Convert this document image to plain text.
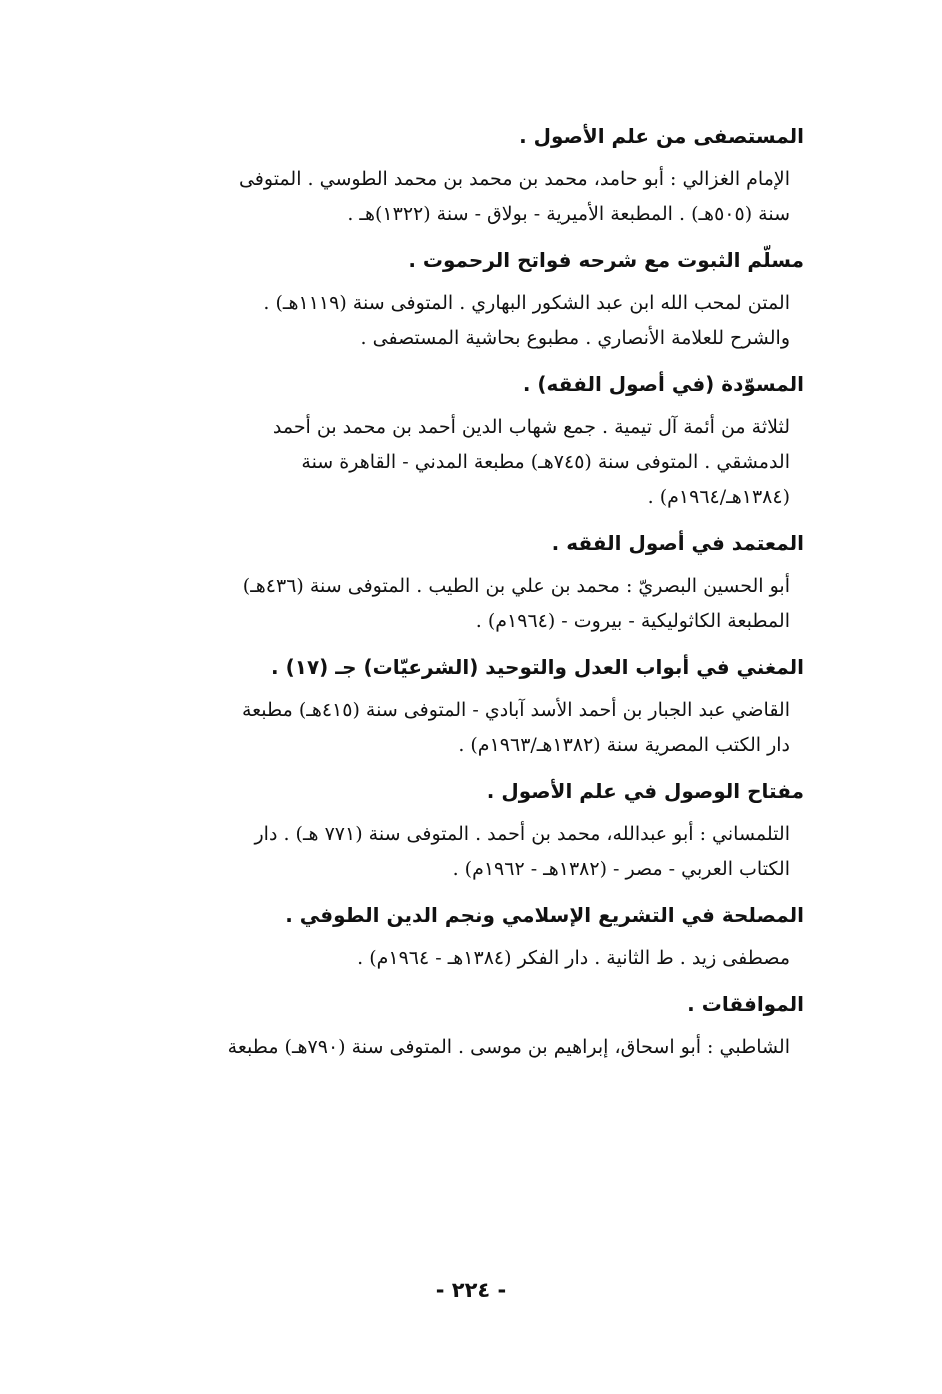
المستصفى من علم الأصول .
الإمام الغزالي : أبو حامد، محمد بن محمد بن محمد الطوسي . المتوفى
سنة (٥٠٥هـ) . المطبعة الأميرية - بولاق - سنة (١٣٢٢)هـ .
مسلّم الثبوت مع شرحه فواتح الرحموت .
المتن لمحب الله ابن عبد الشكور البهاري . المتوفى سنة (١١١٩هـ) .
والشرح للعلامة الأنصاري . مطبوع بحاشية المستصفى .
المسوّدة (في أصول الفقه) .
لثلاثة من أئمة آل تيمية . جمع شهاب الدين أحمد بن محمد بن أحمد
الدمشقي . المتوفى سنة (٧٤٥هـ) مطبعة المدني - القاهرة سنة
(١٣٨٤هـ/١٩٦٤م) .
المعتمد في أصول الفقه .
أبو الحسين البصريّ : محمد بن علي بن الطيب . المتوفى سنة (٤٣٦هـ)
المطبعة الكاثوليكية - بيروت - (١٩٦٤م) .
المغني في أبواب العدل والتوحيد (الشرعيّات) جـ (١٧) .
القاضي عبد الجبار بن أحمد الأسد آبادي - المتوفى سنة (٤١٥هـ) مطبعة
دار الكتب المصرية سنة (١٣٨٢هـ/١٩٦٣م) .
مفتاح الوصول في علم الأصول .
التلمساني : أبو عبدالله، محمد بن أحمد . المتوفى سنة (٧٧١ هـ) . دار
الكتاب العربي - مصر - (١٣٨٢هـ - ١٩٦٢م) .
المصلحة في التشريع الإسلامي ونجم الدين الطوفي .
مصطفى زيد . ط الثانية . دار الفكر (١٣٨٤هـ - ١٩٦٤م) .
الموافقات .
الشاطبي : أبو اسحاق، إبراهيم بن موسى . المتوفى سنة (٧٩٠هـ) مطبعة
- ٢٢٤ -
